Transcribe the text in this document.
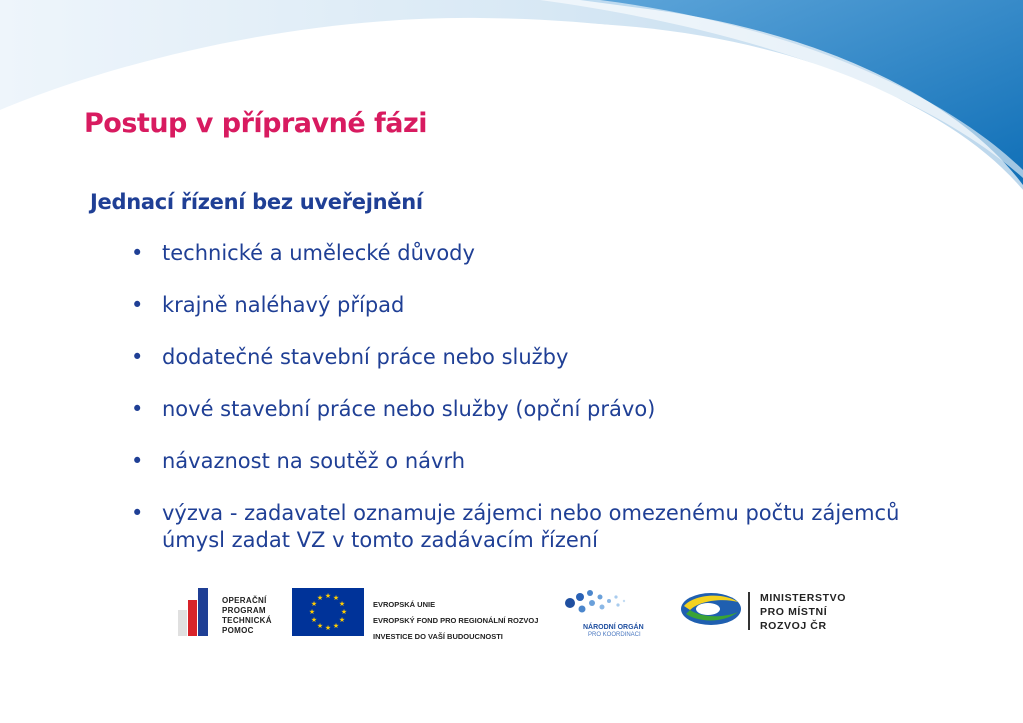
Postup v přípravné fázi
Jednací řízení bez uveřejnění
• technické a umělecké důvody
• krajně naléhavý případ
• dodatečné stavební práce nebo služby
• nové stavební práce nebo služby (opční právo)
• návaznost na soutěž o návrh
• výzva - zadavatel oznamuje zájemci nebo omezenému počtu zájemců úmysl zadat VZ v tomto zadávacím řízení
★ ★
★
★
★
★
★
★
★
★
★
★
OPERAČNÍ
PROGRAM
TECHNICKÁ
POMOC
EVROPSKÁ UNIE
EVROPSKÝ FOND PRO REGIONÁLNÍ ROZVOJ
INVESTICE DO VAŠÍ BUDOUCNOSTI
NÁRODNÍ ORGÁN
PRO KOORDINACI
MINISTERSTVO
PRO MÍSTNÍ
ROZVOJ ČR
